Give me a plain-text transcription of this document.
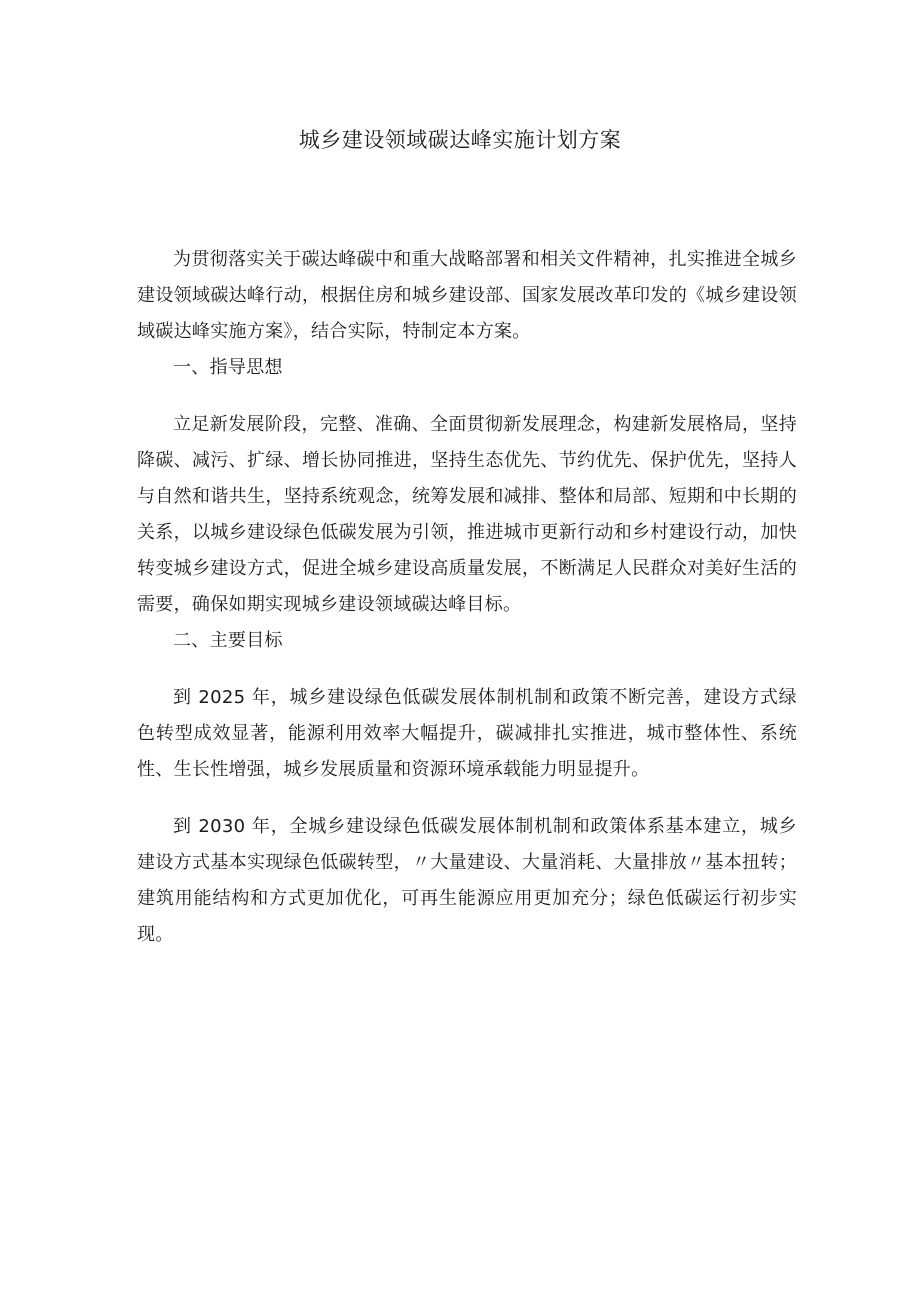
城乡建设领域碳达峰实施计划方案

为贯彻落实关于碳达峰碳中和重大战略部署和相关文件精神，扎实推进全城乡建设领域碳达峰行动，根据住房和城乡建设部、国家发展改革印发的《城乡建设领域碳达峰实施方案》，结合实际，特制定本方案。

一、指导思想

立足新发展阶段，完整、准确、全面贯彻新发展理念，构建新发展格局，坚持降碳、减污、扩绿、增长协同推进，坚持生态优先、节约优先、保护优先，坚持人与自然和谐共生，坚持系统观念，统筹发展和减排、整体和局部、短期和中长期的关系，以城乡建设绿色低碳发展为引领，推进城市更新行动和乡村建设行动，加快转变城乡建设方式，促进全城乡建设高质量发展，不断满足人民群众对美好生活的需要，确保如期实现城乡建设领域碳达峰目标。

二、主要目标

到 2025 年，城乡建设绿色低碳发展体制机制和政策不断完善，建设方式绿色转型成效显著，能源利用效率大幅提升，碳减排扎实推进，城市整体性、系统性、生长性增强，城乡发展质量和资源环境承载能力明显提升。

到 2030 年，全城乡建设绿色低碳发展体制机制和政策体系基本建立，城乡建设方式基本实现绿色低碳转型，〃大量建设、大量消耗、大量排放〃基本扭转；建筑用能结构和方式更加优化，可再生能源应用更加充分；绿色低碳运行初步实现。
